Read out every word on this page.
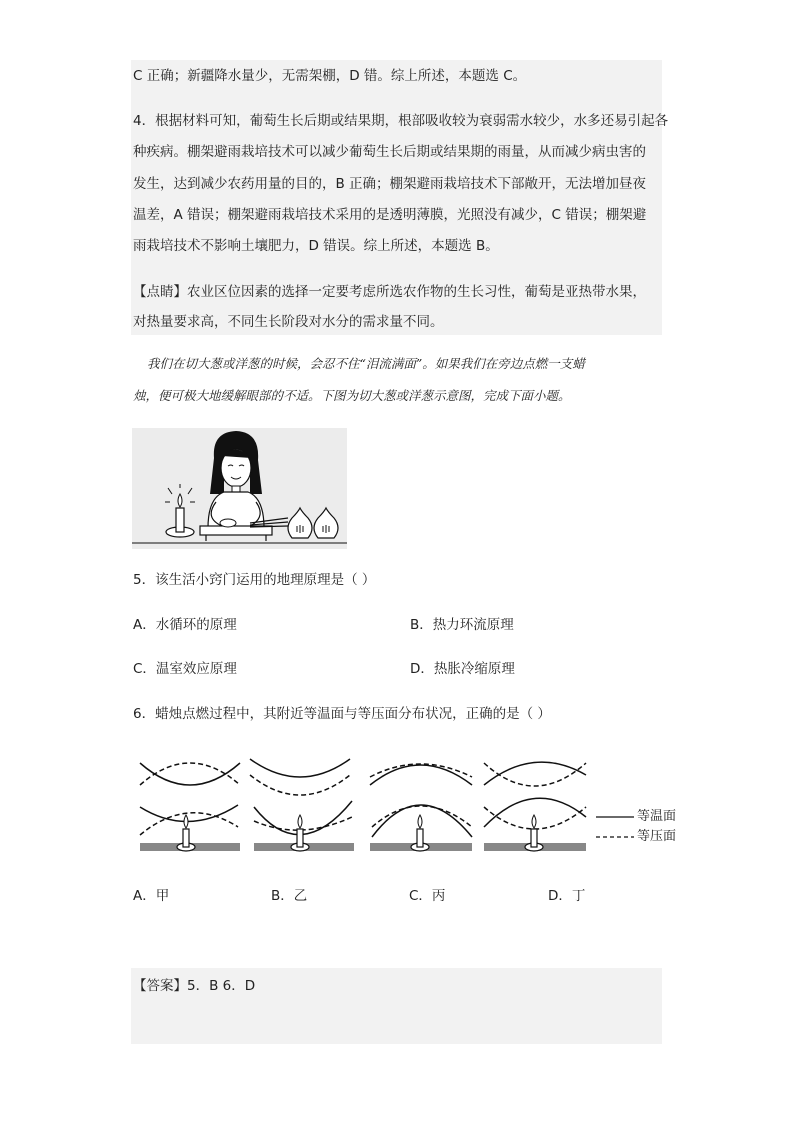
C 正确；新疆降水量少，无需架棚，D 错。综上所述，本题选 C。
4．根据材料可知，葡萄生长后期或结果期，根部吸收较为衰弱需水较少，水多还易引起各
种疾病。棚架避雨栽培技术可以减少葡萄生长后期或结果期的雨量，从而减少病虫害的
发生，达到减少农药用量的目的，B 正确；棚架避雨栽培技术下部敞开，无法增加昼夜
温差，A 错误；棚架避雨栽培技术采用的是透明薄膜，光照没有减少，C 错误；棚架避
雨栽培技术不影响土壤肥力，D 错误。综上所述，本题选 B。
【点睛】农业区位因素的选择一定要考虑所选农作物的生长习性，葡萄是亚热带水果，
对热量要求高，不同生长阶段对水分的需求量不同。
我们在切大葱或洋葱的时候，会忍不住“泪流满面”。如果我们在旁边点燃一支蜡
烛，便可极大地缓解眼部的不适。下图为切大葱或洋葱示意图，完成下面小题。
5．该生活小窍门运用的地理原理是（ ）
A．水循环的原理	B．热力环流原理
C．温室效应原理	D．热胀冷缩原理
6．蜡烛点燃过程中，其附近等温面与等压面分布状况，正确的是（ ）
等温面
等压面
A．甲	B．乙	C．丙	D．丁
【答案】5．B 6．D
